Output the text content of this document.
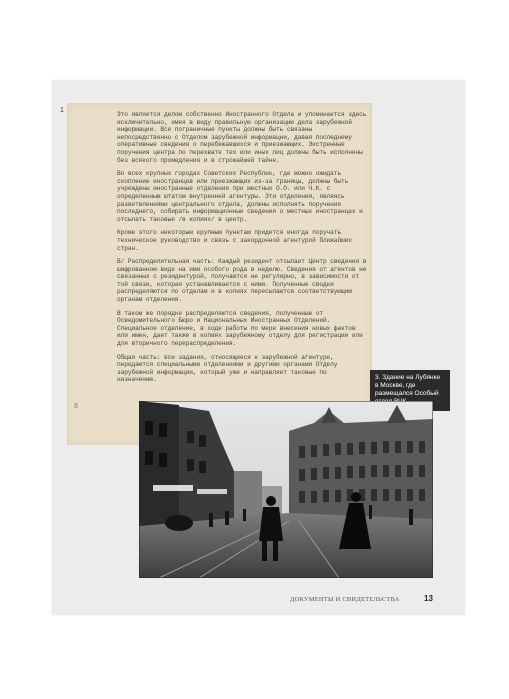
1

Это является делом собственно Иностранного Отдела и упоминается здесь исключительно, имея в виду правильную организацию дела зарубежной информации. Все пограничные пункты должны быть связаны непосредственно с Отделом зарубежной информации, давая последнему оперативные сведения о перебежавшихся и приезжающих. Экстренные поручения центра по перехвате тех или иных лиц должны быть исполнены без всякого промедления и в строжайшей тайне.

Во всех крупных городах Советских Республик, где можно ожидать скопление иностранцев или приезжающих из-за границы, должны быть учреждены иностранные отделения при местных О.О. или Ч.К. с определенным штатом внутренней агентуры. Эти отделения, являясь разветвлениями центрального отдела, должны исполнять поручения последнего, собирать информационные сведения о местных иностранцах и отсылать таковые /в копиях/ в центр.

Кроме этого некоторым крупным пунктам придется иногда поручать техническое руководство и связь с закордонной агентурой ближайших стран.

В/ Распределительная часть: Каждый резидент отсылает Центр сведения в шифрованном виде на имя особого рода в неделю. Сведения от агентов не связанных с резидентурой, получаются не регулярно, в зависимости от той связи, которая устанавливается с ними. Полученные сводки распределяются по отделам и в копиях пересылаются соответствующим органам отделения.

В таком же порядке распределяются сведения, полученные от Осведомительного Бюро и Национальных Иностранных Отделений. Специальное отделение, в ходе работы по мере внесения новых фактов или имен, дает также в копиях зарубежному отделу для регистрации или для вторичного перераспределения.

Общая часть: все задания, относящиеся к зарубежной агентуре, передаются специальными отделениями и другими органами Отделу зарубежной информации, который уже и направляет таковые по назначению.

8
3. Здание на Лубянке в Москве, где размещался Особый
3
ДОКУМЕНТЫ И СВИДЕТЕЛЬСТВА	13
